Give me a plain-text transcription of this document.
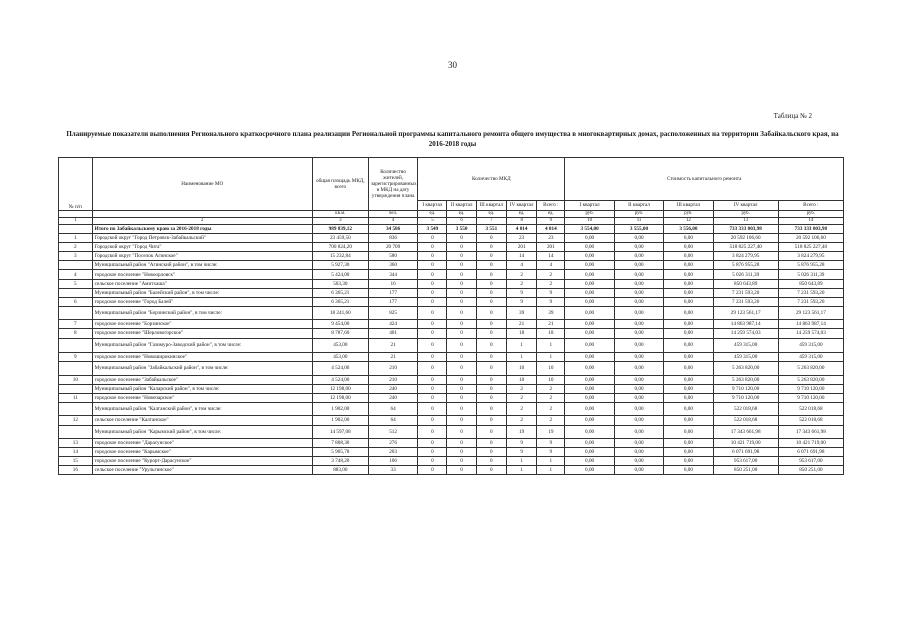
30
Таблица № 2
Планируемые показатели выполнения Регионального краткосрочного плана реализации Региональной программы капитального ремонта общего имущества в многоквартирных домах, расположенных на территории Забайкальского края, на 2016-2018 годы
№ п/п	Наименование МО	общая площадь МКД, всего	Количество жителей, зарегистрированных в МКД на дату утверждения плана	Количество МКД					Стоимость капитального ремонта				
				I квартал	II квартал	III квартал	IV квартал	Всего :	I квартал	II квартал	III квартал	IV квартал	Всего :
		кв.м.	чел.	ед.	ед.	ед.	ед.	ед.	руб.	руб.	руб.	руб.	руб.
1	2	3	4	5	6	7	8	9	10	11	12	13	14
	Итого по Забайкальскому краю за 2016-2018 годы	989 839,12	34 586	3 549	3 550	3 551	4 014	4 014	3 554,00	3 555,00	3 556,00	733 333 003,98	733 333 003,98
1	Городской округ "Город Петровск-Забайкальский"	23 459,50	836	0	0	0	23	23	0,00	0,00	0,00	20 592 106,60	20 592 106,60
2	Городской округ "Город Чита"	700 824,20	20 709	0	0	0	201	201	0,00	0,00	0,00	518 825 227,40	518 825 227,40
3	Городской округ "Поселок Агинское"	15 232,84	580	0	0	0	14	14	0,00	0,00	0,00	3 824 279,95	3 824 279,95
	Муниципальный район "Агинский район", в том числе:	5 927,30	360	0	0	0	4	4	0,00	0,00	0,00	5 876 955,28	5 876 955,28
4	городское поселение "Новоорловск"	5 424,00	344	0	0	0	2	2	0,00	0,00	0,00	5 026 311,39	5 026 311,39
5	сельское поселение "Амитхаша"	503,30	16	0	0	0	2	2	0,00	0,00	0,00	850 643,89	850 643,89
	Муниципальный район "Балейский район", в том числе:	6 365,21	177	0	0	0	9	9	0,00	0,00	0,00	7 231 593,20	7 231 593,20
6	городское поселение "Город Балей"	6 365,21	177	0	0	0	9	9	0,00	0,00	0,00	7 231 593,20	7 231 593,20
	Муниципальный район "Борзинский район", в том числе:	18 241,60	825	0	0	0	39	39	0,00	0,00	0,00	29 123 561,17	29 123 561,17
7	городское поселение "Борзинское"	9 454,00	424	0	0	0	21	21	0,00	0,00	0,00	14 863 987,14	14 863 987,14
8	городское поселение "Шерловогорское"	8 787,60	401	0	0	0	18	18	0,00	0,00	0,00	14 259 574,03	14 259 574,03
	Муниципальный район "Газимуро-Заводский район", в том числе:	453,00	21	0	0	0	1	1	0,00	0,00	0,00	459 315,00	459 315,00
9	городское поселение "Новоширокинское"	453,00	21	0	0	0	1	1	0,00	0,00	0,00	459 315,00	459 315,00
	Муниципальный район "Забайкальский район", в том числе:	4 524,00	210	0	0	0	10	10	0,00	0,00	0,00	5 263 820,00	5 263 820,00
10	городское поселение "Забайкальское"	4 524,00	210	0	0	0	10	10	0,00	0,00	0,00	5 263 820,00	5 263 820,00
	Муниципальный район "Каларский район", в том числе:	12 198,00	240	0	0	0	2	2	0,00	0,00	0,00	9 710 120,00	9 710 120,00
11	городское поселение "Новочарское"	12 198,00	240	0	0	0	2	2	0,00	0,00	0,00	9 710 120,00	9 710 120,00
	Муниципальный район "Калганский район", в том числе:	1 902,00	64	0	0	0	2	2	0,00	0,00	0,00	522 018,68	522 018,68
12	сельское поселение "Калганское"	1 902,00	64	0	0	0	2	2	0,00	0,00	0,00	522 018,68	522 018,68
	Муниципальный район "Карымский район", в том числе:	14 597,08	512	0	0	0	19	19	0,00	0,00	0,00	17 343 661,98	17 343 661,98
13	городское поселение "Дарасунское"	7 808,30	276	0	0	0	9	9	0,00	0,00	0,00	10 421 719,00	10 421 719,00
14	городское поселение "Карымское"	5 905,78	203	0	0	0	9	9	0,00	0,00	0,00	6 071 691,98	6 071 691,98
15	городское поселение "Курорт-Дарасунское"	3 748,20	106	0	0	0	1	1	0,00	0,00	0,00	953 617,00	953 617,00
16	сельское поселение "Урульгинское"	883,00	33	0	0	0	1	1	0,00	0,00	0,00	850 251,00	850 251,00
